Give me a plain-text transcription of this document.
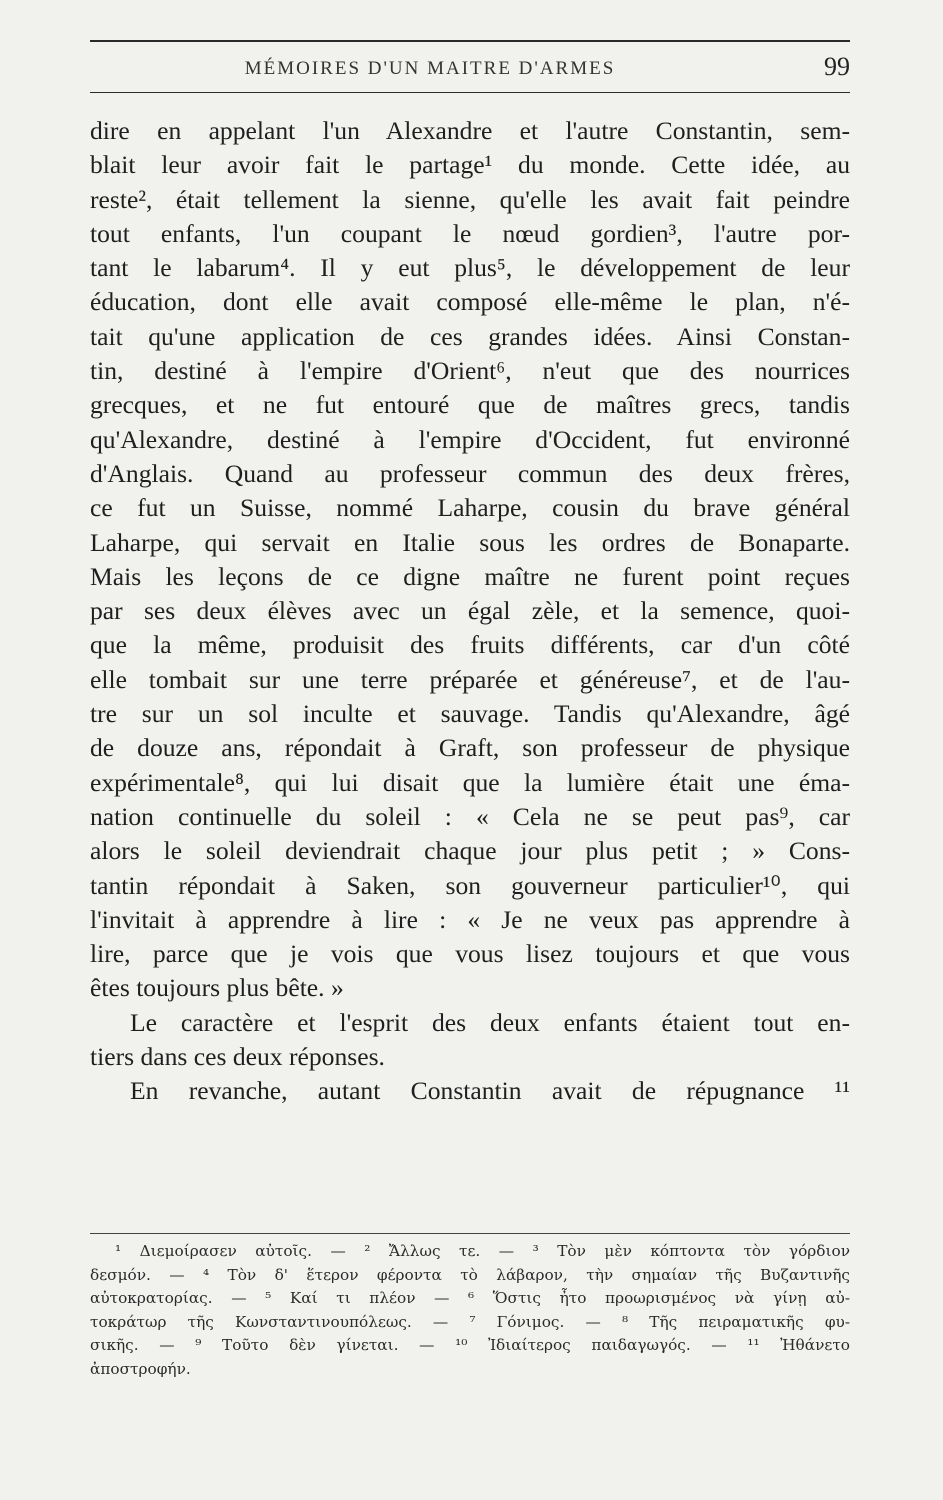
MÉMOIRES D'UN MAITRE D'ARMES	99
dire en appelant l'un Alexandre et l'autre Constantin, sem-
blait leur avoir fait le partage¹ du monde. Cette idée, au
reste², était tellement la sienne, qu'elle les avait fait peindre
tout enfants, l'un coupant le nœud gordien³, l'autre por-
tant le labarum⁴. Il y eut plus⁵, le développement de leur
éducation, dont elle avait composé elle-même le plan, n'é-
tait qu'une application de ces grandes idées. Ainsi Constan-
tin, destiné à l'empire d'Orient⁶, n'eut que des nourrices
grecques, et ne fut entouré que de maîtres grecs, tandis
qu'Alexandre, destiné à l'empire d'Occident, fut environné
d'Anglais. Quand au professeur commun des deux frères,
ce fut un Suisse, nommé Laharpe, cousin du brave général
Laharpe, qui servait en Italie sous les ordres de Bonaparte.
Mais les leçons de ce digne maître ne furent point reçues
par ses deux élèves avec un égal zèle, et la semence, quoi-
que la même, produisit des fruits différents, car d'un côté
elle tombait sur une terre préparée et généreuse⁷, et de l'au-
tre sur un sol inculte et sauvage. Tandis qu'Alexandre, âgé
de douze ans, répondait à Graft, son professeur de physique
expérimentale⁸, qui lui disait que la lumière était une éma-
nation continuelle du soleil : « Cela ne se peut pas⁹, car
alors le soleil deviendrait chaque jour plus petit ; » Cons-
tantin répondait à Saken, son gouverneur particulier¹⁰, qui
l'invitait à apprendre à lire : « Je ne veux pas apprendre à
lire, parce que je vois que vous lisez toujours et que vous
êtes toujours plus bête. »
Le caractère et l'esprit des deux enfants étaient tout en-
tiers dans ces deux réponses.
En revanche, autant Constantin avait de répugnance ¹¹
¹ Διεμοίρασεν αὐτοῖς. — ² Ἄλλως τε. — ³ Τὸν μὲν κόπτοντα τὸν γόρδιον
δεσμόν. — ⁴ Τὸν δ' ἕτερον φέροντα τὸ λάβαρον, τὴν σημαίαν τῆς Βυζαντινῆς
αὐτοκρατορίας. — ⁵ Καί τι πλέον — ⁶ Ὅστις ἦτο προωρισμένος νὰ γίνῃ αὐ-
τοκράτωρ τῆς Κωνσταντινουπόλεως. — ⁷ Γόνιμος. — ⁸ Τῆς πειραματικῆς φυ-
σικῆς. — ⁹ Τοῦτο δὲν γίνεται. — ¹⁰ Ἰδιαίτερος παιδαγωγός. — ¹¹ Ἠθάνετο
ἀποστροφήν.
